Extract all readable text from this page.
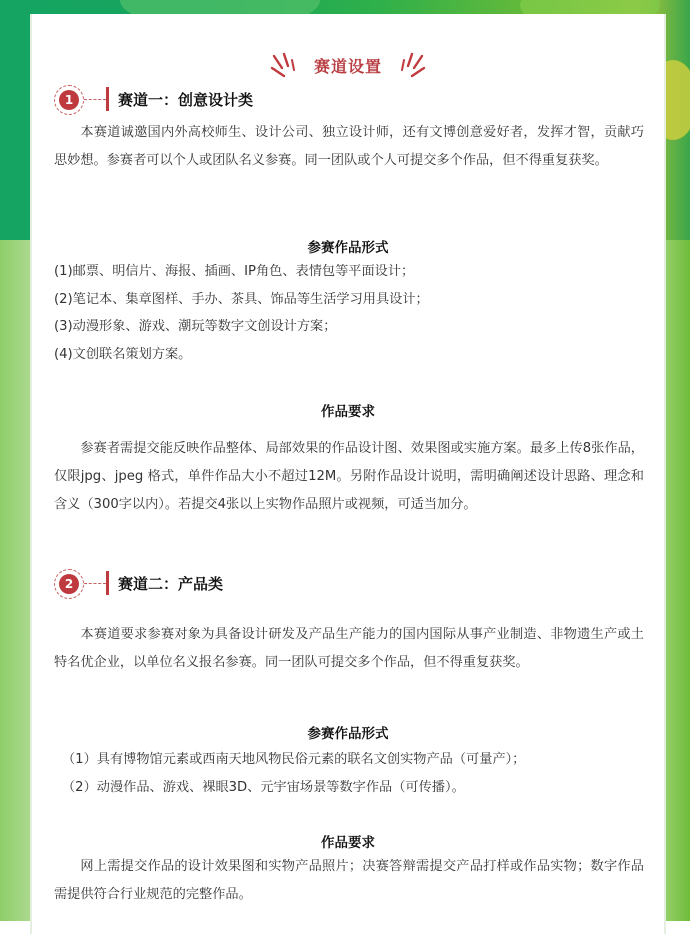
赛道设置
1	赛道一：创意设计类

本赛道诚邀国内外高校师生、设计公司、独立设计师，还有文博创意爱好者，发挥才智，贡献巧思妙想。参赛者可以个人或团队名义参赛。同一团队或个人可提交多个作品，但不得重复获奖。

参赛作品形式
(1)邮票、明信片、海报、插画、IP角色、表情包等平面设计；
(2)笔记本、集章图样、手办、茶具、饰品等生活学习用具设计；
(3)动漫形象、游戏、潮玩等数字文创设计方案；
(4)文创联名策划方案。
作品要求

参赛者需提交能反映作品整体、局部效果的作品设计图、效果图或实施方案。最多上传8张作品，仅限jpg、jpeg 格式，单件作品大小不超过12M。另附作品设计说明，需明确阐述设计思路、理念和含义（300字以内）。若提交4张以上实物作品照片或视频，可适当加分。

2	赛道二：产品类

本赛道要求参赛对象为具备设计研发及产品生产能力的国内国际从事产业制造、非物遗生产或土特名优企业，以单位名义报名参赛。同一团队可提交多个作品，但不得重复获奖。

参赛作品形式
（1）具有博物馆元素或西南天地风物民俗元素的联名文创实物产品（可量产）；
（2）动漫作品、游戏、裸眼3D、元宇宙场景等数字作品（可传播）。
作品要求

网上需提交作品的设计效果图和实物产品照片；决赛答辩需提交产品打样或作品实物；数字作品需提供符合行业规范的完整作品。
